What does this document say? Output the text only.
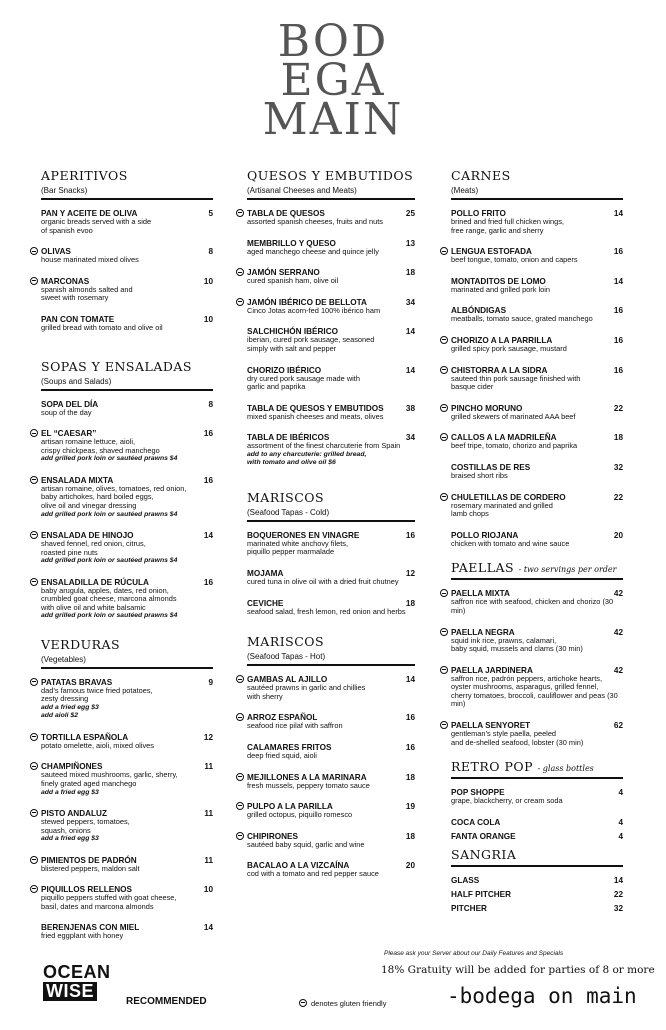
BOD
EGA
MAIN
APERITIVOS
(Bar Snacks)
PAN Y ACEITE DE OLIVA	5
organic breads served with a side
of spanish evoo
OLIVAS	8
house marinated mixed olives
MARCONAS	10
spanish almonds salted and
sweet with rosemary
PAN CON TOMATE	10
grilled bread with tomato and olive oil
SOPAS Y ENSALADAS
(Soups and Salads)
SOPA DEL DÍA	8
soup of the day
EL “CAESAR”	16
artisan romaine lettuce, aioli,
crispy chickpeas, shaved manchego
add grilled pork loin or sautéed prawns $4
ENSALADA MIXTA	16
artisan romaine, olives, tomatoes, red onion,
baby artichokes, hard boiled eggs,
olive oil and vinegar dressing
add grilled pork loin or sautéed prawns $4
ENSALADA DE HINOJO	14
shaved fennel, red onion, citrus,
roasted pine nuts
add grilled pork loin or sautéed prawns $4
ENSALADILLA DE RÚCULA	16
baby arugula, apples, dates, red onion,
crumbled goat cheese, marcona almonds
with olive oil and white balsamic
add grilled pork loin or sautéed prawns $4
VERDURAS
(Vegetables)
PATATAS BRAVAS	9
dad’s famous twice fried potatoes,
zesty dressing
add a fried egg $3
add aioli $2
TORTILLA ESPAÑOLA	12
potato omelette, aioli, mixed olives
CHAMPIÑONES	11
sauteed mixed mushrooms, garlic, sherry,
finely grated aged manchego
add a fried egg $3
PISTO ANDALUZ	11
stewed peppers, tomatoes,
squash, onions
add a fried egg $3
PIMIENTOS DE PADRÓN	11
blistered peppers, maldon salt
PIQUILLOS RELLENOS	10
piquillo peppers stuffed with goat cheese,
basil, dates and marcona almonds
BERENJENAS CON MIEL	14
fried eggplant with honey
QUESOS Y EMBUTIDOS
(Artisanal Cheeses and Meats)
TABLA DE QUESOS	25
assorted spanish cheeses, fruits and nuts
MEMBRILLO Y QUESO	13
aged manchego cheese and quince jelly
JAMÓN SERRANO	18
cured spanish ham, olive oil
JAMÓN IBÉRICO DE BELLOTA	34
Cinco Jotas acorn-fed 100% ibérico ham
SALCHICHÓN IBÉRICO	14
iberian, cured pork sausage, seasoned
simply with salt and pepper
CHORIZO IBÉRICO	14
dry cured pork sausage made with
garlic and paprika
TABLA DE QUESOS Y EMBUTIDOS	38
mixed spanish cheeses and meats, olives
TABLA DE IBÉRICOS	34
assortment of the finest charcuterie from Spain
add to any charcuterie: grilled bread,
with tomato and olive oil $6
MARISCOS
(Seafood Tapas - Cold)
BOQUERONES EN VINAGRE	16
marinated white anchovy filets,
piquillo pepper marmalade
MOJAMA	12
cured tuna in olive oil with a dried fruit chutney
CEVICHE	18
seafood salad, fresh lemon, red onion and herbs
MARISCOS
(Seafood Tapas - Hot)
GAMBAS AL AJILLO	14
sautéed prawns in garlic and chillies
with sherry
ARROZ ESPAÑOL	16
seafood rice pilaf with saffron
CALAMARES FRITOS	16
deep fried squid, aioli
MEJILLONES A LA MARINARA	18
fresh mussels, peppery tomato sauce
PULPO A LA PARILLA	19
grilled octopus, piquillo romesco
CHIPIRONES	18
sautéed baby squid, garlic and wine
BACALAO A LA VIZCAÍNA	20
cod with a tomato and red pepper sauce
CARNES
(Meats)
POLLO FRITO	14
brined and fried full chicken wings,
free range, garlic and sherry
LENGUA ESTOFADA	16
beef tongue, tomato, onion and capers
MONTADITOS DE LOMO	14
marinated and grilled pork loin
ALBÓNDIGAS	16
meatballs, tomato sauce, grated manchego
CHORIZO A LA PARRILLA	16
grilled spicy pork sausage, mustard
CHISTORRA A LA SIDRA	16
sauteed thin pork sausage finished with
basque cider
PINCHO MORUNO	22
grilled skewers of marinated AAA beef
CALLOS A LA MADRILEÑA	18
beef tripe, tomato, chorizo and paprika
COSTILLAS DE RES	32
braised short ribs
CHULETILLAS DE CORDERO	22
rosemary marinated and grilled
lamb chops
POLLO RIOJANA	20
chicken with tomato and wine sauce
PAELLAS - two servings per order
PAELLA MIXTA	42
saffron rice with seafood, chicken and chorizo (30 min)
PAELLA NEGRA	42
squid ink rice, prawns, calamari,
baby squid, mussels and clams (30 min)
PAELLA JARDINERA	42
saffron rice, padrón peppers, artichoke hearts,
oyster mushrooms, asparagus, grilled fennel,
cherry tomatoes, broccoli, cauliflower and peas (30 min)
PAELLA SENYORET	62
gentleman’s style paella, peeled
and de-shelled seafood, lobster (30 min)
RETRO POP - glass bottles
POP SHOPPE	4
grape, blackcherry, or cream soda
COCA COLA	4
FANTA ORANGE	4
SANGRIA
GLASS	14
HALF PITCHER	22
PITCHER	32
Please ask your Server about our Daily Features and Specials
18% Gratuity will be added for parties of 8 or more
denotes gluten friendly
OCEAN
WISE
RECOMMENDED	-bodega on main
